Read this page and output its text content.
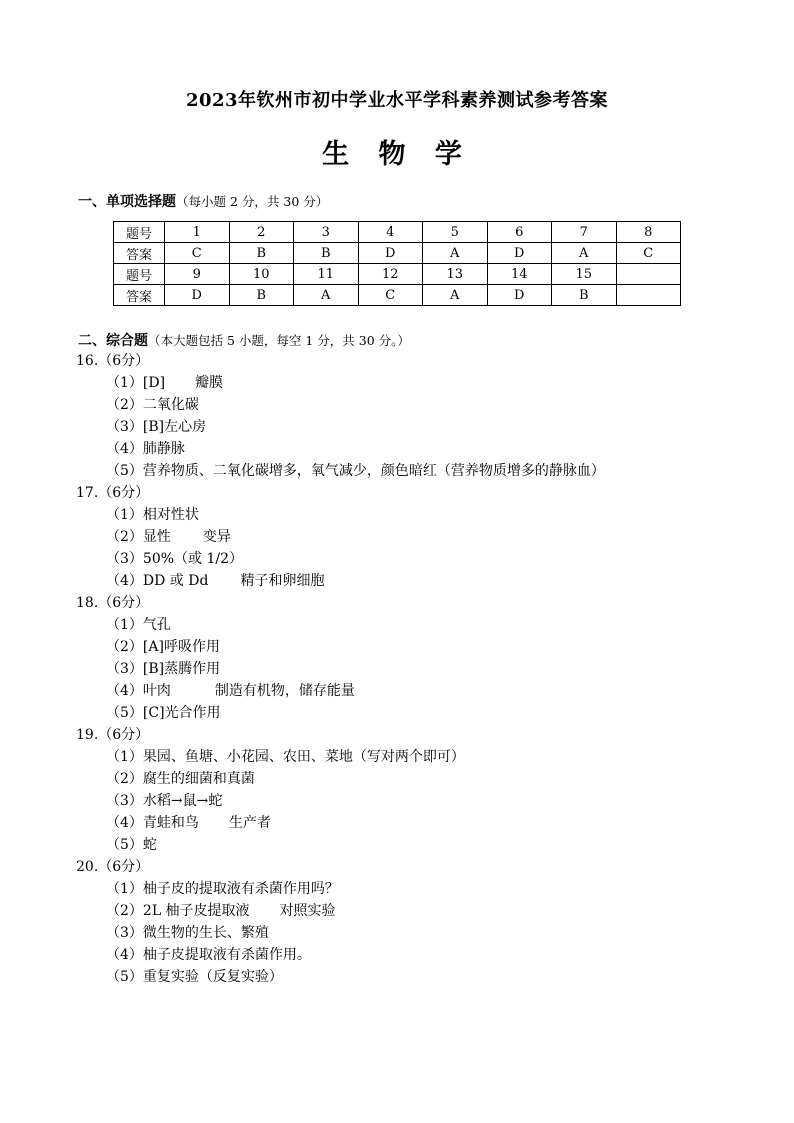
2023年钦州市初中学业水平学科素养测试参考答案
生 物 学
一、单项选择题（每小题 2 分，共 30 分）
题号	1	2	3	4	5	6	7	8
答案	C	B	B	D	A	D	A	C
题号	9	10	11	12	13	14	15	
答案	D	B	A	C	A	D	B	
二、综合题（本大题包括 5 小题，每空 1 分，共 30 分。）
16.（6分）
（1）[D] 瓣膜
（2）二氧化碳
（3）[B]左心房
（4）肺静脉
（5）营养物质、二氧化碳增多，氧气减少，颜色暗红（营养物质增多的静脉血）
17.（6分）
（1）相对性状
（2）显性 变异
（3）50%（或 1/2）
（4）DD 或 Dd 精子和卵细胞
18.（6分）
（1）气孔
（2）[A]呼吸作用
（3）[B]蒸腾作用
（4）叶肉	制造有机物，储存能量
（5）[C]光合作用
19.（6分）
（1）果园、鱼塘、小花园、农田、菜地（写对两个即可）
（2）腐生的细菌和真菌
（3）水稻→鼠→蛇
（4）青蛙和鸟 生产者
（5）蛇
20.（6分）
（1）柚子皮的提取液有杀菌作用吗？
（2）2L 柚子皮提取液 对照实验
（3）微生物的生长、繁殖
（4）柚子皮提取液有杀菌作用。
（5）重复实验（反复实验）
